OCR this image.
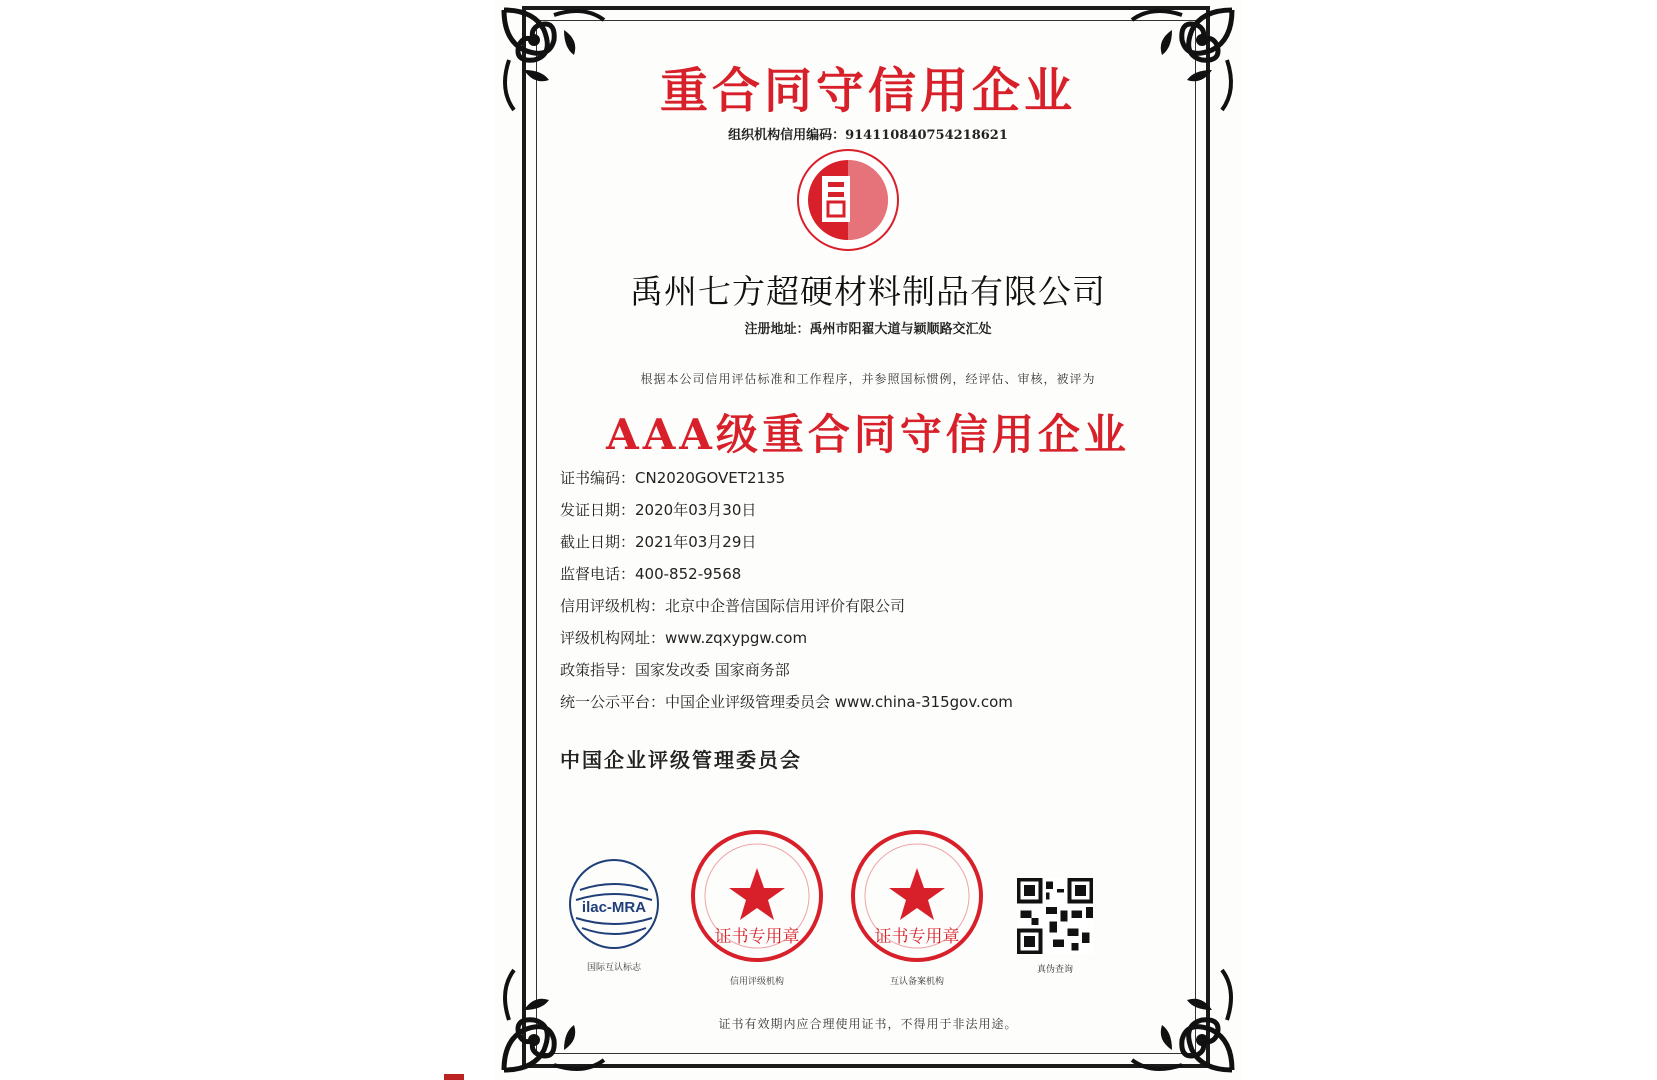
重合同守信用企业
组织机构信用编码：914110840754218621
禹州七方超硬材料制品有限公司
注册地址：禹州市阳翟大道与颖顺路交汇处
根据本公司信用评估标准和工作程序，并参照国标惯例，经评估、审核，被评为
AAA级重合同守信用企业
证书编码：CN2020GOVET2135
发证日期：2020年03月30日
截止日期：2021年03月29日
监督电话：400-852-9568
信用评级机构：北京中企普信国际信用评价有限公司
评级机构网址：www.zqxypgw.com
政策指导：国家发改委 国家商务部
统一公示平台：中国企业评级管理委员会 www.china-315gov.com
中国企业评级管理委员会
ilac-MRA
国际互认标志
证书专用章
信用评级机构
证书专用章
互认备案机构
真伪查询
证书有效期内应合理使用证书，不得用于非法用途。
